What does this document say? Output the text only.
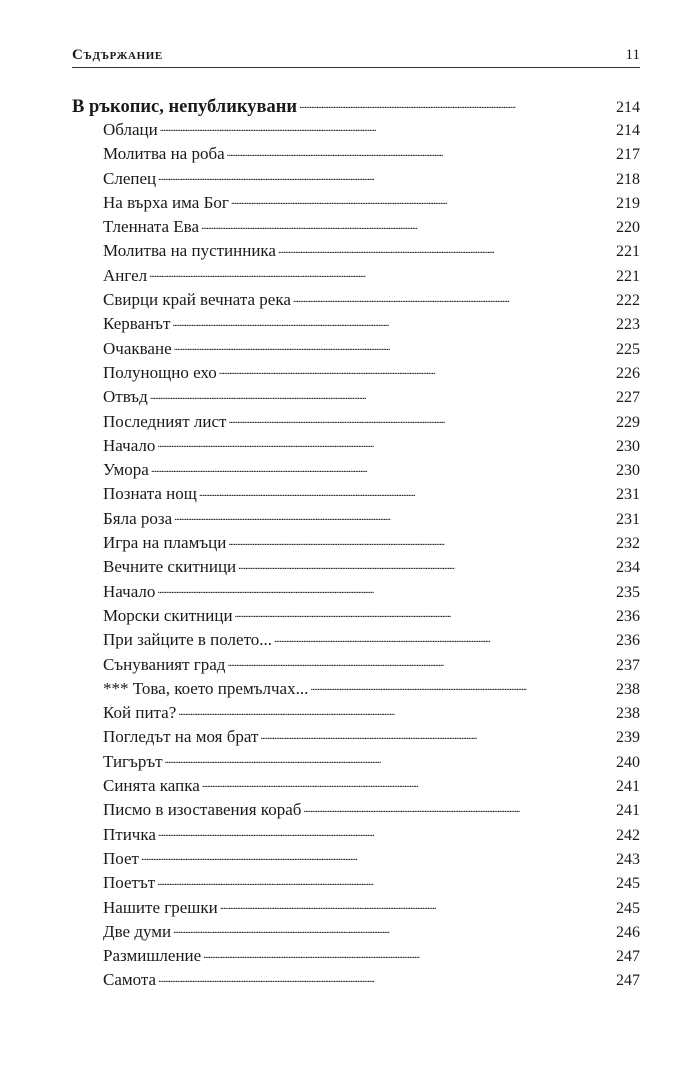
Съдържание	11
В ръкопис, непубликувани . . .	214
Облаци . . .	214
Молитва на роба . . .	217
Слепец . . .	218
На върха има Бог . . .	219
Тленната Ева . . .	220
Молитва на пустинника . . .	221
Ангел . . .	221
Свирци край вечната река . . .	222
Керванът . . .	223
Очакване . . .	225
Полунощно ехо . . .	226
Отвъд . . .	227
Последният лист . . .	229
Начало . . .	230
Умора . . .	230
Позната нощ . . .	231
Бяла роза . . .	231
Игра на пламъци . . .	232
Вечните скитници . . .	234
Начало . . .	235
Морски скитници . . .	236
При зайците в полето... . . .	236
Сънуваният град . . .	237
*** Това, което премълчах... . . .	238
Кой пита? . . .	238
Погледът на моя брат . . .	239
Тигърът . . .	240
Синята капка . . .	241
Писмо в изоставения кораб . . .	241
Птичка . . .	242
Поет . . .	243
Поетът . . .	245
Нашите грешки . . .	245
Две думи . . .	246
Размишление . . .	247
Самота . . .	247
